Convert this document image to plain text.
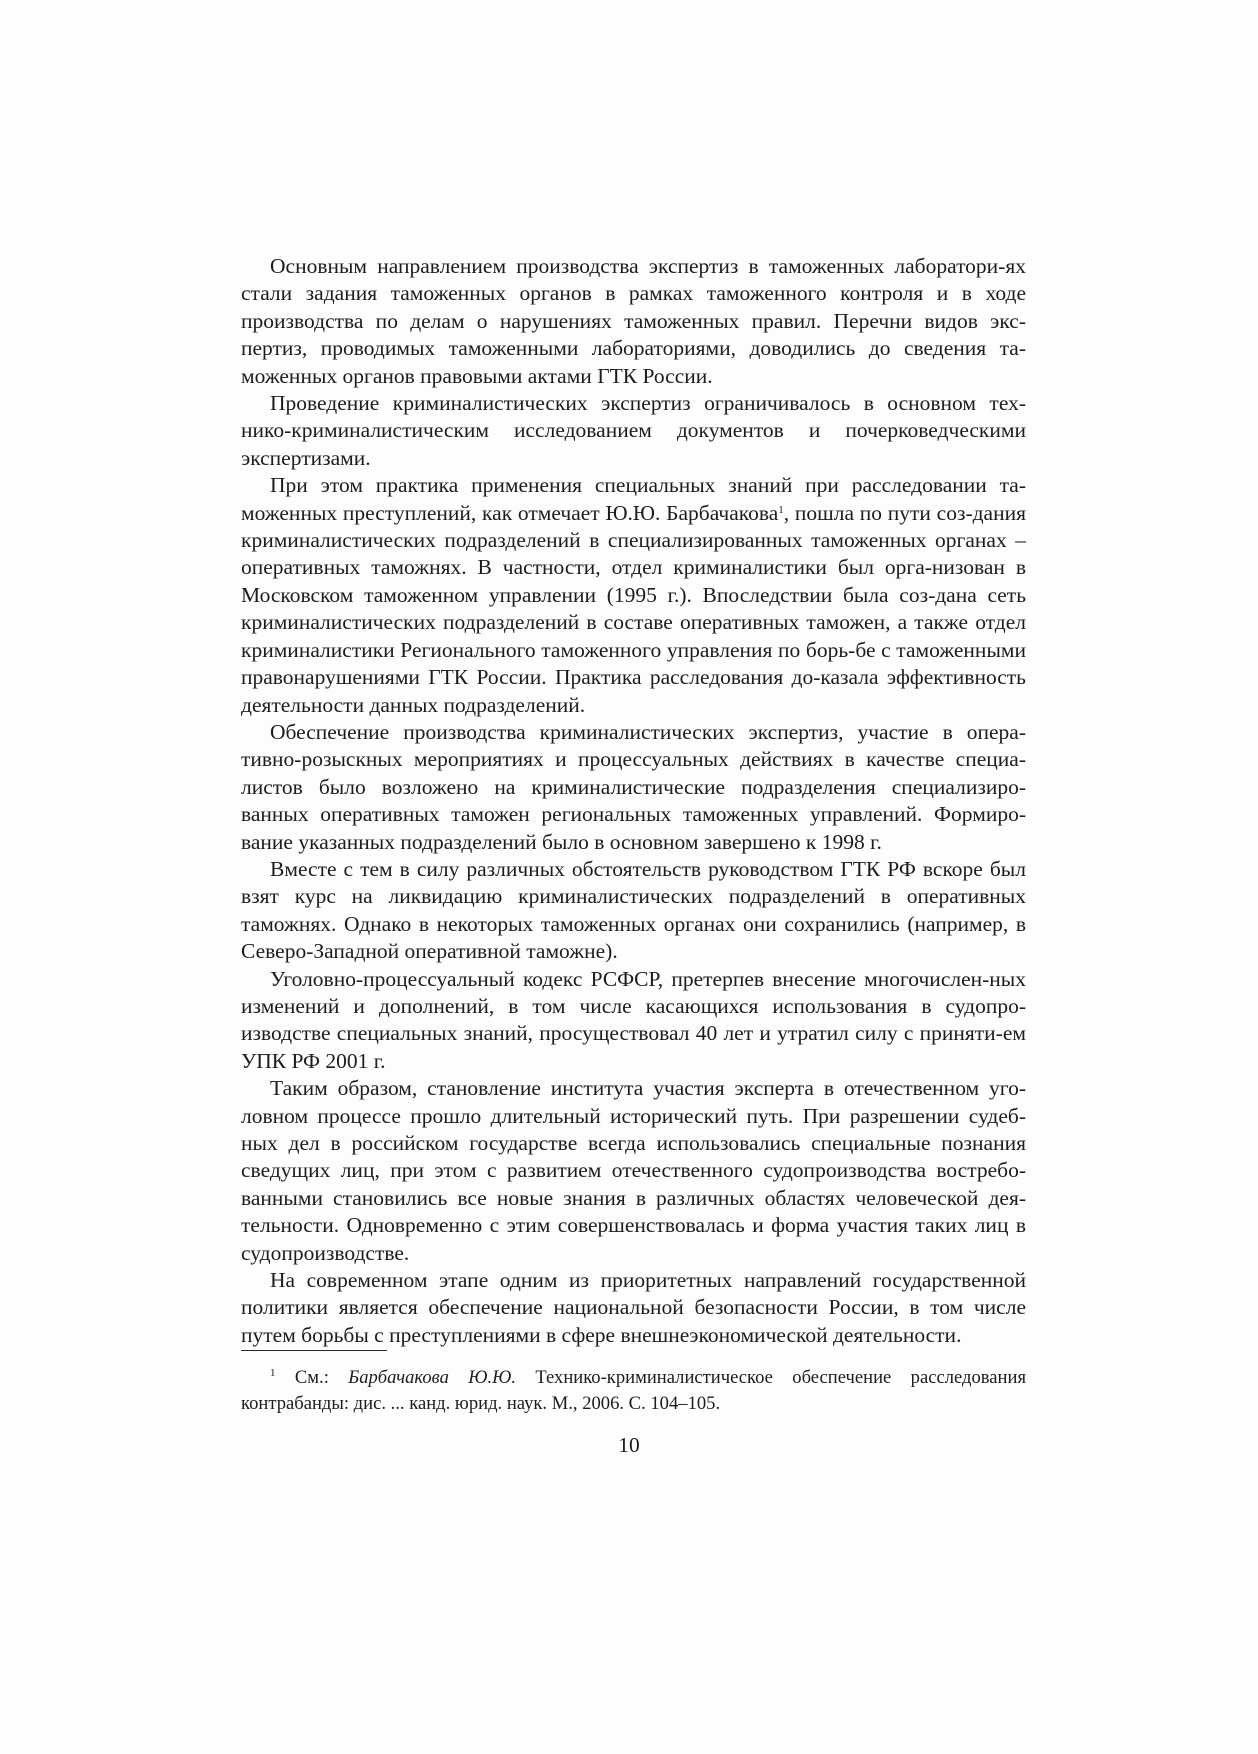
Основным направлением производства экспертиз в таможенных лаборатори-ях стали задания таможенных органов в рамках таможенного контроля и в ходе производства по делам о нарушениях таможенных правил. Перечни видов экс-пертиз, проводимых таможенными лабораториями, доводились до сведения та-моженных органов правовыми актами ГТК России.

Проведение криминалистических экспертиз ограничивалось в основном тех-нико-криминалистическим исследованием документов и почерковедческими экспертизами.

При этом практика применения специальных знаний при расследовании та-моженных преступлений, как отмечает Ю.Ю. Барбачакова$^1$, пошла по пути соз-дания криминалистических подразделений в специализированных таможенных органах – оперативных таможнях. В частности, отдел криминалистики был орга-низован в Московском таможенном управлении (1995 г.). Впоследствии была соз-дана сеть криминалистических подразделений в составе оперативных таможен, а также отдел криминалистики Регионального таможенного управления по борь-бе с таможенными правонарушениями ГТК России. Практика расследования до-казала эффективность деятельности данных подразделений.

Обеспечение производства криминалистических экспертиз, участие в опера-тивно-розыскных мероприятиях и процессуальных действиях в качестве специа-листов было возложено на криминалистические подразделения специализиро-ванных оперативных таможен региональных таможенных управлений. Формиро-вание указанных подразделений было в основном завершено к 1998 г.

Вместе с тем в силу различных обстоятельств руководством ГТК РФ вскоре был взят курс на ликвидацию криминалистических подразделений в оперативных таможнях. Однако в некоторых таможенных органах они сохранились (например, в Северо-Западной оперативной таможне).

Уголовно-процессуальный кодекс РСФСР, претерпев внесение многочислен-ных изменений и дополнений, в том числе касающихся использования в судопро-изводстве специальных знаний, просуществовал 40 лет и утратил силу с приняти-ем УПК РФ 2001 г.

Таким образом, становление института участия эксперта в отечественном уго-ловном процессе прошло длительный исторический путь. При разрешении судеб-ных дел в российском государстве всегда использовались специальные познания сведущих лиц, при этом с развитием отечественного судопроизводства востребо-ванными становились все новые знания в различных областях человеческой дея-тельности. Одновременно с этим совершенствовалась и форма участия таких лиц в судопроизводстве.

На современном этапе одним из приоритетных направлений государственной политики является обеспечение национальной безопасности России, в том числе путем борьбы с преступлениями в сфере внешнеэкономической деятельности.

$^1$ См.: Барбачакова Ю.Ю. Технико-криминалистическое обеспечение расследования контрабанды: дис. ... канд. юрид. наук. М., 2006. С. 104–105.

10
